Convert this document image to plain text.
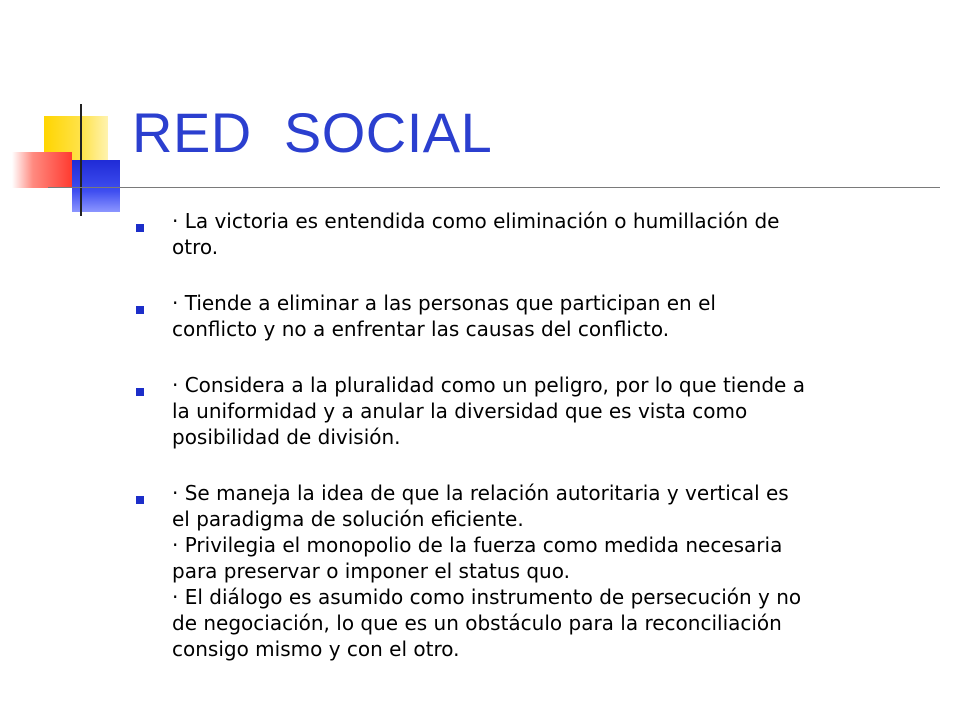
RED  SOCIAL
· La victoria es entendida como eliminación o humillación de
otro.
· Tiende a eliminar a las personas que participan en el
conflicto y no a enfrentar las causas del conflicto.
· Considera a la pluralidad como un peligro, por lo que tiende a
la uniformidad y a anular la diversidad que es vista como
posibilidad de división.
· Se maneja la idea de que la relación autoritaria y vertical es
el paradigma de solución eficiente.
· Privilegia el monopolio de la fuerza como medida necesaria
para preservar o imponer el status quo.
· El diálogo es asumido como instrumento de persecución y no
de negociación, lo que es un obstáculo para la reconciliación
consigo mismo y con el otro.
